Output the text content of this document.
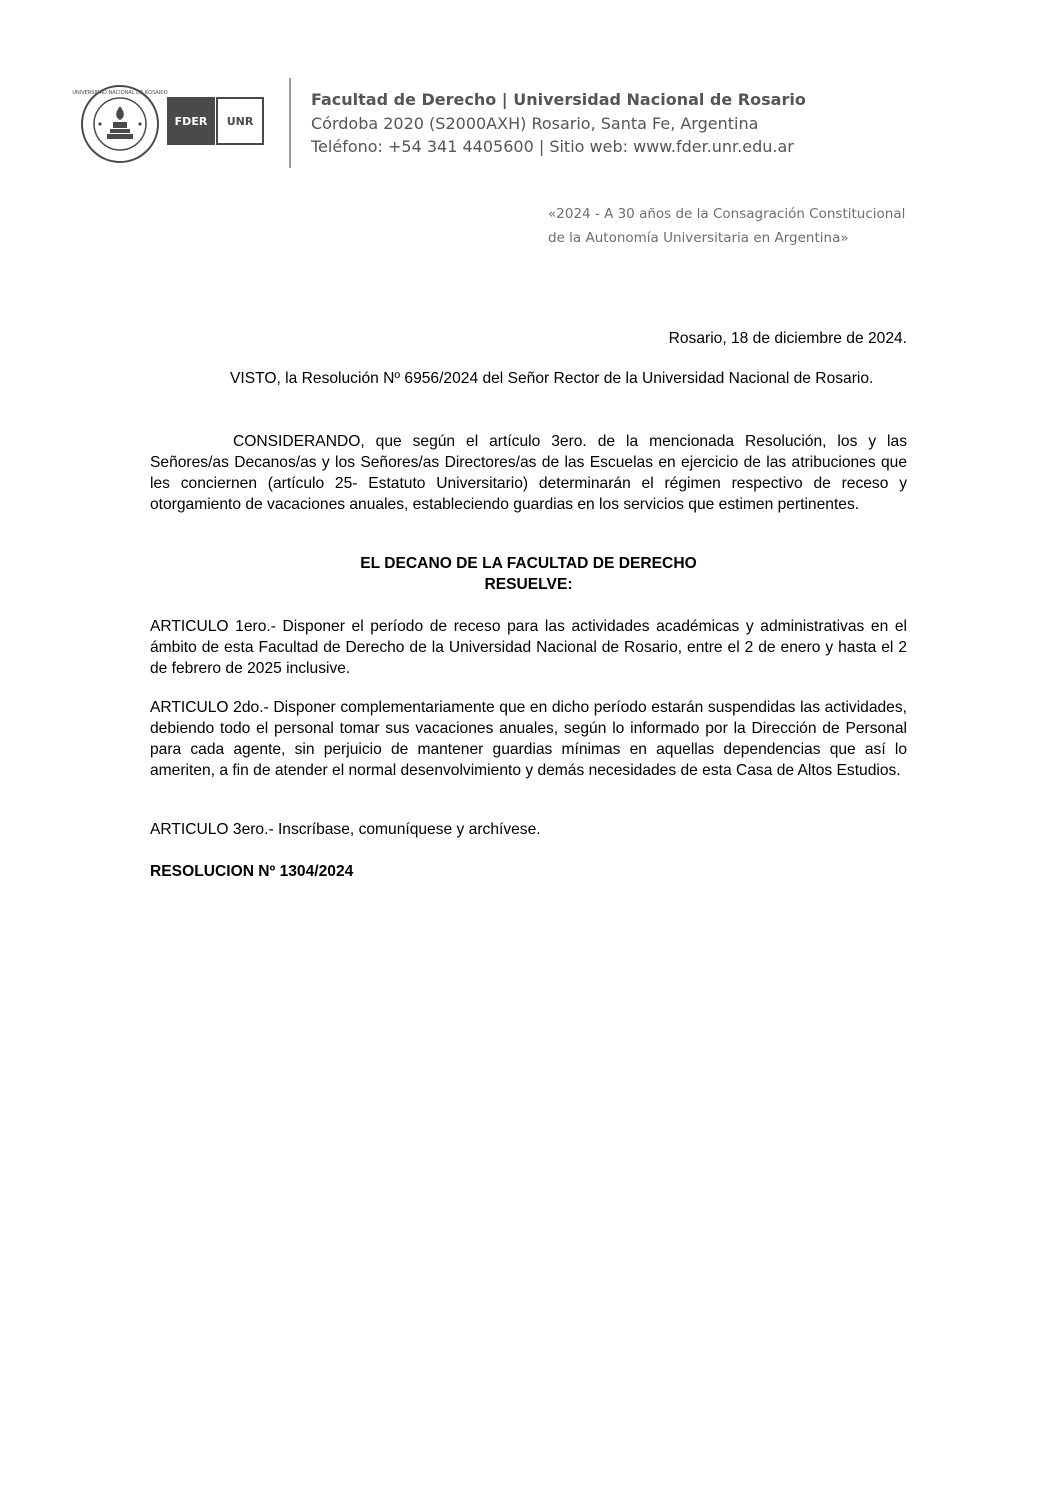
UNIVERSIDAD NACIONAL DE ROSARIO
FDER UNR
Facultad de Derecho | Universidad Nacional de Rosario
Córdoba 2020 (S2000AXH) Rosario, Santa Fe, Argentina
Teléfono: +54 341 4405600 | Sitio web: www.fder.unr.edu.ar
«2024 - A 30 años de la Consagración Constitucional
de la Autonomía Universitaria en Argentina»
Rosario, 18 de diciembre de 2024.
VISTO, la Resolución Nº 6956/2024 del Señor Rector de la Universidad Nacional de Rosario.
CONSIDERANDO, que según el artículo 3ero. de la mencionada Resolución, los y las Señores/as Decanos/as y los Señores/as Directores/as de las Escuelas en ejercicio de las atribuciones que les conciernen (artículo 25- Estatuto Universitario) determinarán el régimen respectivo de receso y otorgamiento de vacaciones anuales, estableciendo guardias en los servicios que estimen pertinentes.
EL DECANO DE LA FACULTAD DE DERECHO
RESUELVE:
ARTICULO 1ero.- Disponer el período de receso para las actividades académicas y administrativas en el ámbito de esta Facultad de Derecho de la Universidad Nacional de Rosario, entre el 2 de enero y hasta el 2 de febrero de 2025 inclusive.
ARTICULO 2do.- Disponer complementariamente que en dicho período estarán suspendidas las actividades, debiendo todo el personal tomar sus vacaciones anuales, según lo informado por la Dirección de Personal para cada agente, sin perjuicio de mantener guardias mínimas en aquellas dependencias que así lo ameriten, a fin de atender el normal desenvolvimiento y demás necesidades de esta Casa de Altos Estudios.
ARTICULO 3ero.- Inscríbase, comuníquese y archívese.
RESOLUCION Nº 1304/2024
